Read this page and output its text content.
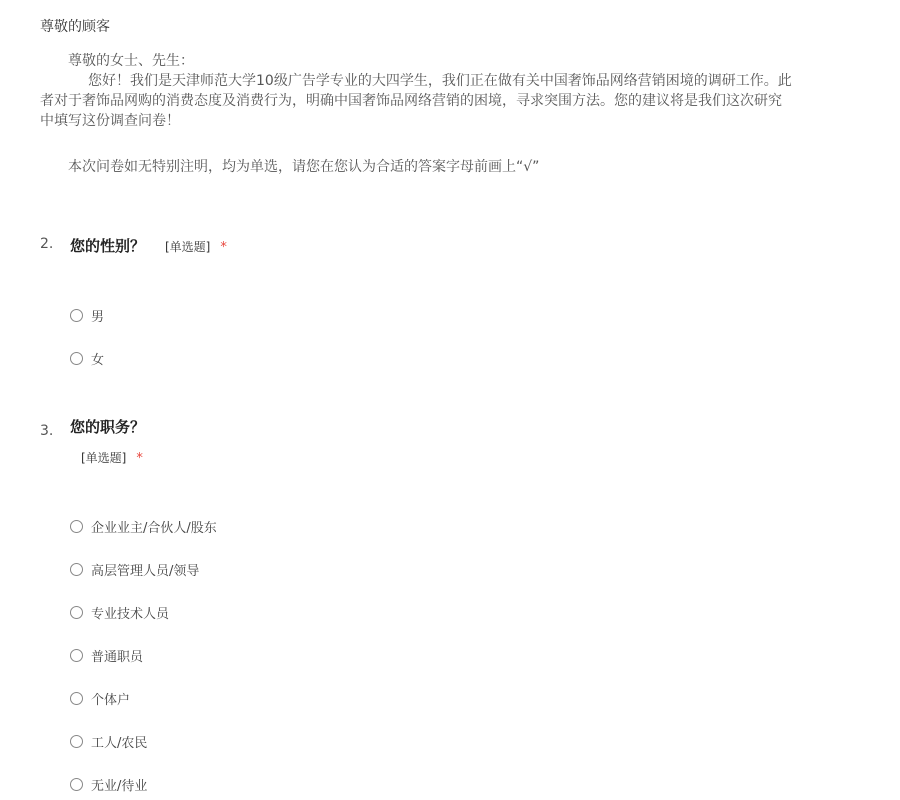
尊敬的顾客
尊敬的女士、先生：
您好！我们是天津师范大学10级广告学专业的大四学生，我们正在做有关中国奢饰品网络营销困境的调研工作。此
者对于奢饰品网购的消费态度及消费行为，明确中国奢饰品网络营销的困境，寻求突围方法。您的建议将是我们这次研究
中填写这份调查问卷！
本次问卷如无特别注明，均为单选，请您在您认为合适的答案字母前画上“√”
2. 您的性别？ [单选题] *
男
女
3. 您的职务？
[单选题] *
企业业主/合伙人/股东
高层管理人员/领导
专业技术人员
普通职员
个体户
工人/农民
无业/待业
